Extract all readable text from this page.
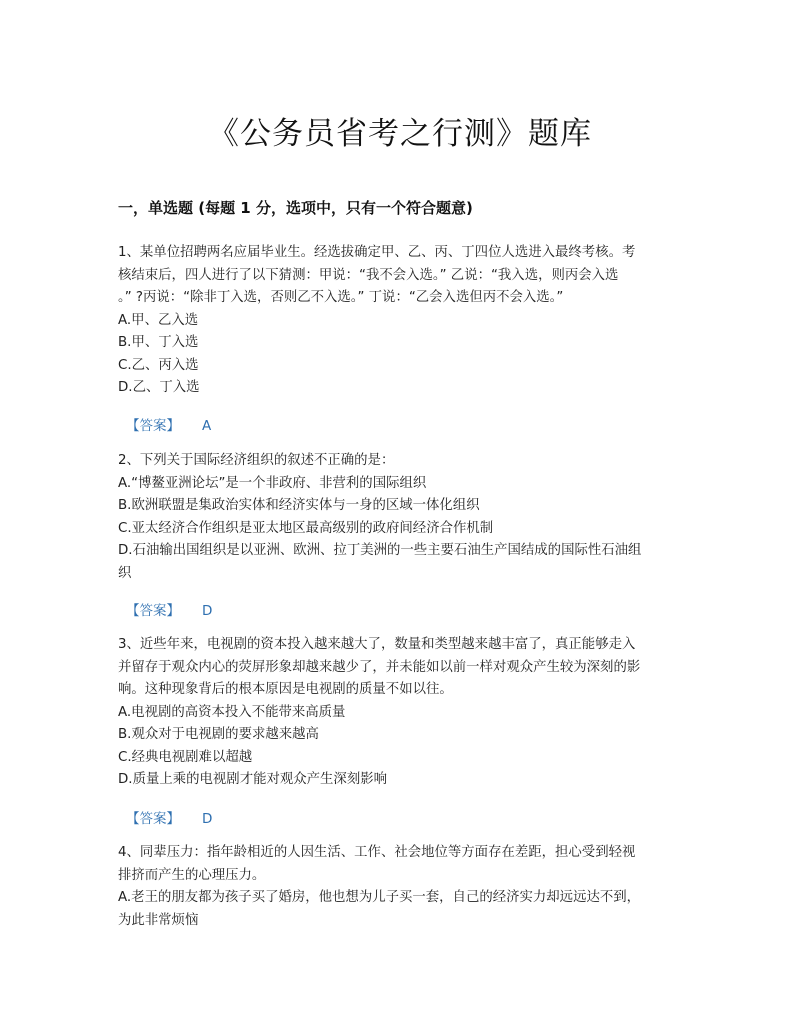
《公务员省考之行测》题库
一，单选题 (每题 1 分，选项中，只有一个符合题意)

1、某单位招聘两名应届毕业生。经选拔确定甲、乙、丙、丁四位人选进入最终考核。考

核结束后，四人进行了以下猜测：甲说：“我不会入选。” 乙说：“我入选，则丙会入选

。” ?丙说：“除非丁入选，否则乙不入选。” 丁说：“乙会入选但丙不会入选。”

A.甲、乙入选

B.甲、丁入选

C.乙、丙入选

D.乙、丁入选

【答案】 A

2、下列关于国际经济组织的叙述不正确的是：

A.“博鳌亚洲论坛”是一个非政府、非营利的国际组织

B.欧洲联盟是集政治实体和经济实体与一身的区域一体化组织

C.亚太经济合作组织是亚太地区最高级别的政府间经济合作机制

D.石油输出国组织是以亚洲、欧洲、拉丁美洲的一些主要石油生产国结成的国际性石油组

织

【答案】 D

3、近些年来，电视剧的资本投入越来越大了，数量和类型越来越丰富了，真正能够走入

并留存于观众内心的荧屏形象却越来越少了，并未能如以前一样对观众产生较为深刻的影

响。这种现象背后的根本原因是电视剧的质量不如以往。

A.电视剧的高资本投入不能带来高质量

B.观众对于电视剧的要求越来越高

C.经典电视剧难以超越

D.质量上乘的电视剧才能对观众产生深刻影响

【答案】 D

4、同辈压力：指年龄相近的人因生活、工作、社会地位等方面存在差距，担心受到轻视

排挤而产生的心理压力。

A.老王的朋友都为孩子买了婚房，他也想为儿子买一套，自己的经济实力却远远达不到，

为此非常烦恼
